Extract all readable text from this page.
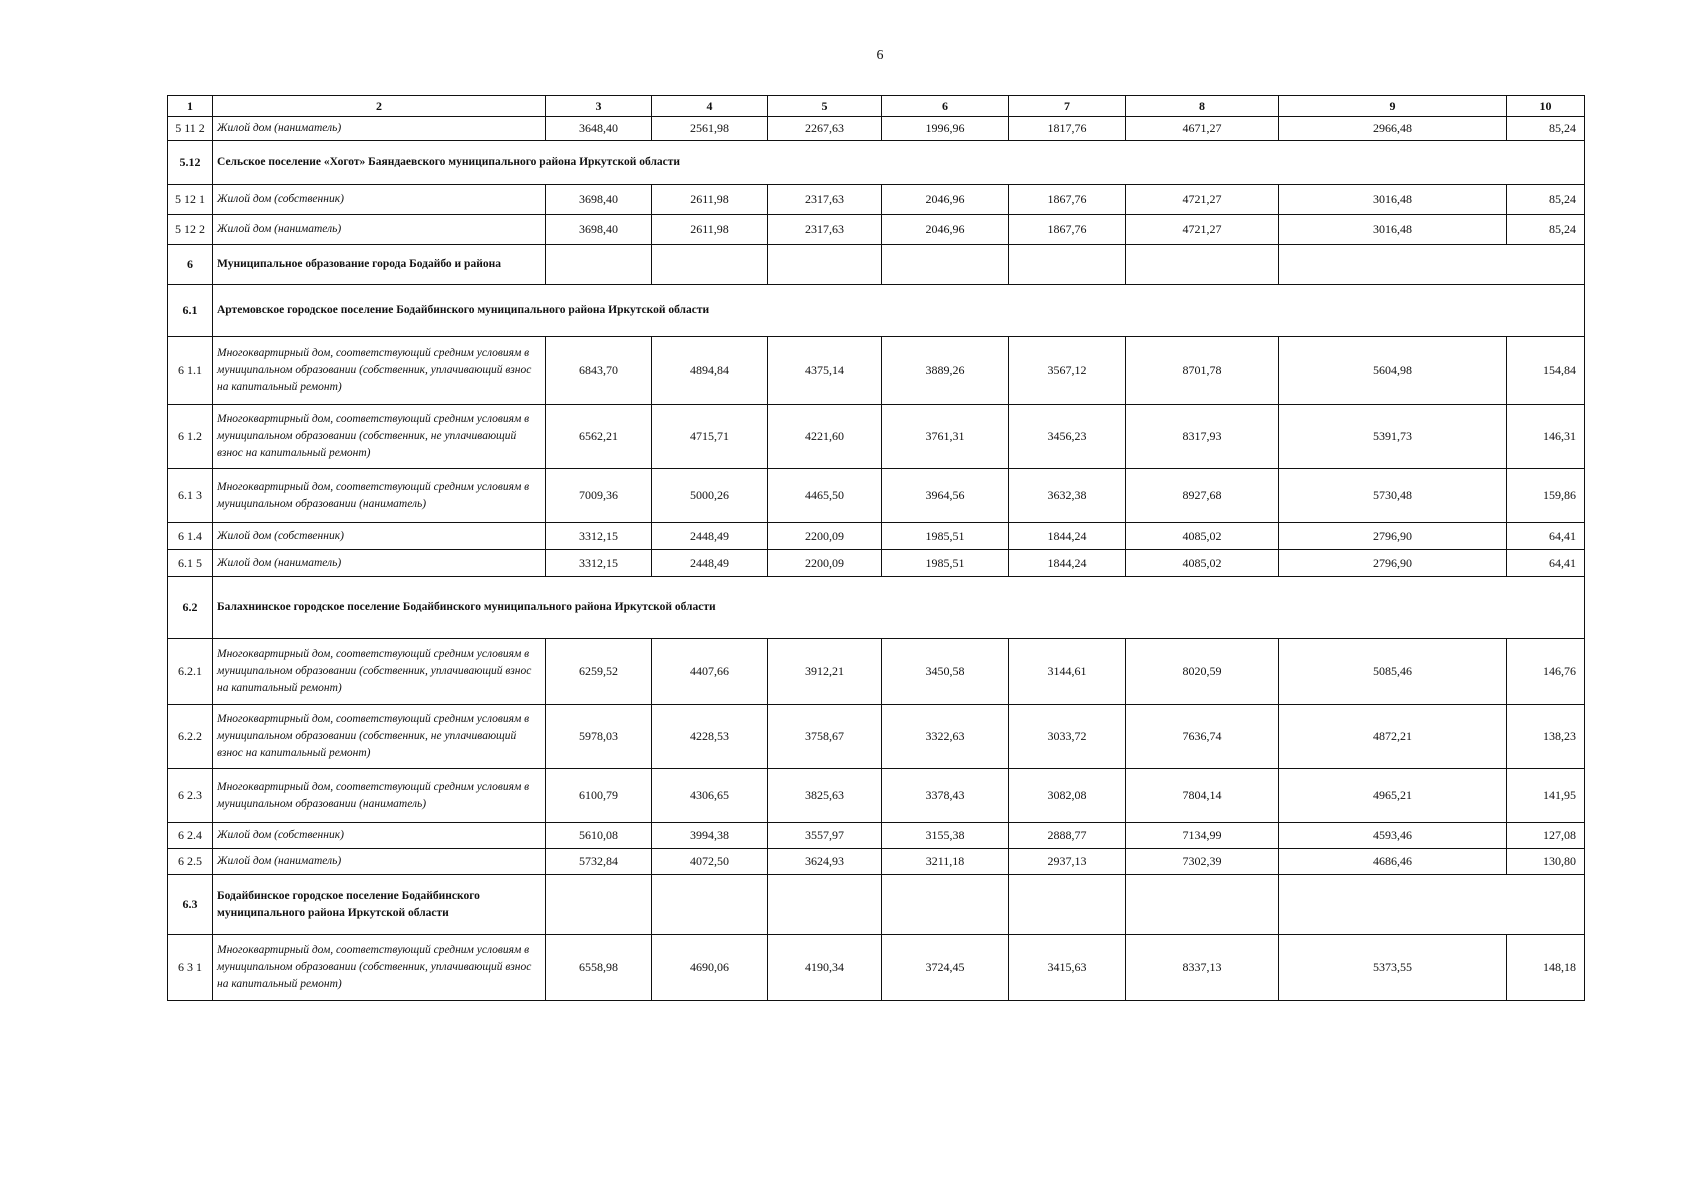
6
1	2	3	4	5	6	7	8	9	10
5 11 2	Жилой дом (наниматель)	3648,40	2561,98	2267,63	1996,96	1817,76	4671,27	2966,48	85,24
5.12	Сельское поселение «Хогот» Баяндаевского муниципального района Иркутской области								
5 12 1	Жилой дом (собственник)	3698,40	2611,98	2317,63	2046,96	1867,76	4721,27	3016,48	85,24
5 12 2	Жилой дом (наниматель)	3698,40	2611,98	2317,63	2046,96	1867,76	4721,27	3016,48	85,24
6	Муниципальное образование города Бодайбо и района								
6.1	Артемовское городское поселение Бодайбинского муниципального района Иркутской области								
6 1.1	Многоквартирный дом, соответствующий средним условиям в муниципальном образовании (собственник, уплачивающий взнос на капитальный ремонт)	6843,70	4894,84	4375,14	3889,26	3567,12	8701,78	5604,98	154,84
6 1.2	Многоквартирный дом, соответствующий средним условиям в муниципальном образовании (собственник, не уплачивающий взнос на капитальный ремонт)	6562,21	4715,71	4221,60	3761,31	3456,23	8317,93	5391,73	146,31
6.1 3	Многоквартирный дом, соответствующий средним условиям в муниципальном образовании (наниматель)	7009,36	5000,26	4465,50	3964,56	3632,38	8927,68	5730,48	159,86
6 1.4	Жилой дом (собственник)	3312,15	2448,49	2200,09	1985,51	1844,24	4085,02	2796,90	64,41
6.1 5	Жилой дом (наниматель)	3312,15	2448,49	2200,09	1985,51	1844,24	4085,02	2796,90	64,41
6.2	Балахнинское городское поселение Бодайбинского муниципального района Иркутской области								
6.2.1	Многоквартирный дом, соответствующий средним условиям в муниципальном образовании (собственник, уплачивающий взнос на капитальный ремонт)	6259,52	4407,66	3912,21	3450,58	3144,61	8020,59	5085,46	146,76
6.2.2	Многоквартирный дом, соответствующий средним условиям в муниципальном образовании (собственник, не уплачивающий взнос на капитальный ремонт)	5978,03	4228,53	3758,67	3322,63	3033,72	7636,74	4872,21	138,23
6 2.3	Многоквартирный дом, соответствующий средним условиям в муниципальном образовании (наниматель)	6100,79	4306,65	3825,63	3378,43	3082,08	7804,14	4965,21	141,95
6 2.4	Жилой дом (собственник)	5610,08	3994,38	3557,97	3155,38	2888,77	7134,99	4593,46	127,08
6 2.5	Жилой дом (наниматель)	5732,84	4072,50	3624,93	3211,18	2937,13	7302,39	4686,46	130,80
6.3	Бодайбинское городское поселение Бодайбинского муниципального района Иркутской области								
6 3 1	Многоквартирный дом, соответствующий средним условиям в муниципальном образовании (собственник, уплачивающий взнос на капитальный ремонт)	6558,98	4690,06	4190,34	3724,45	3415,63	8337,13	5373,55	148,18
